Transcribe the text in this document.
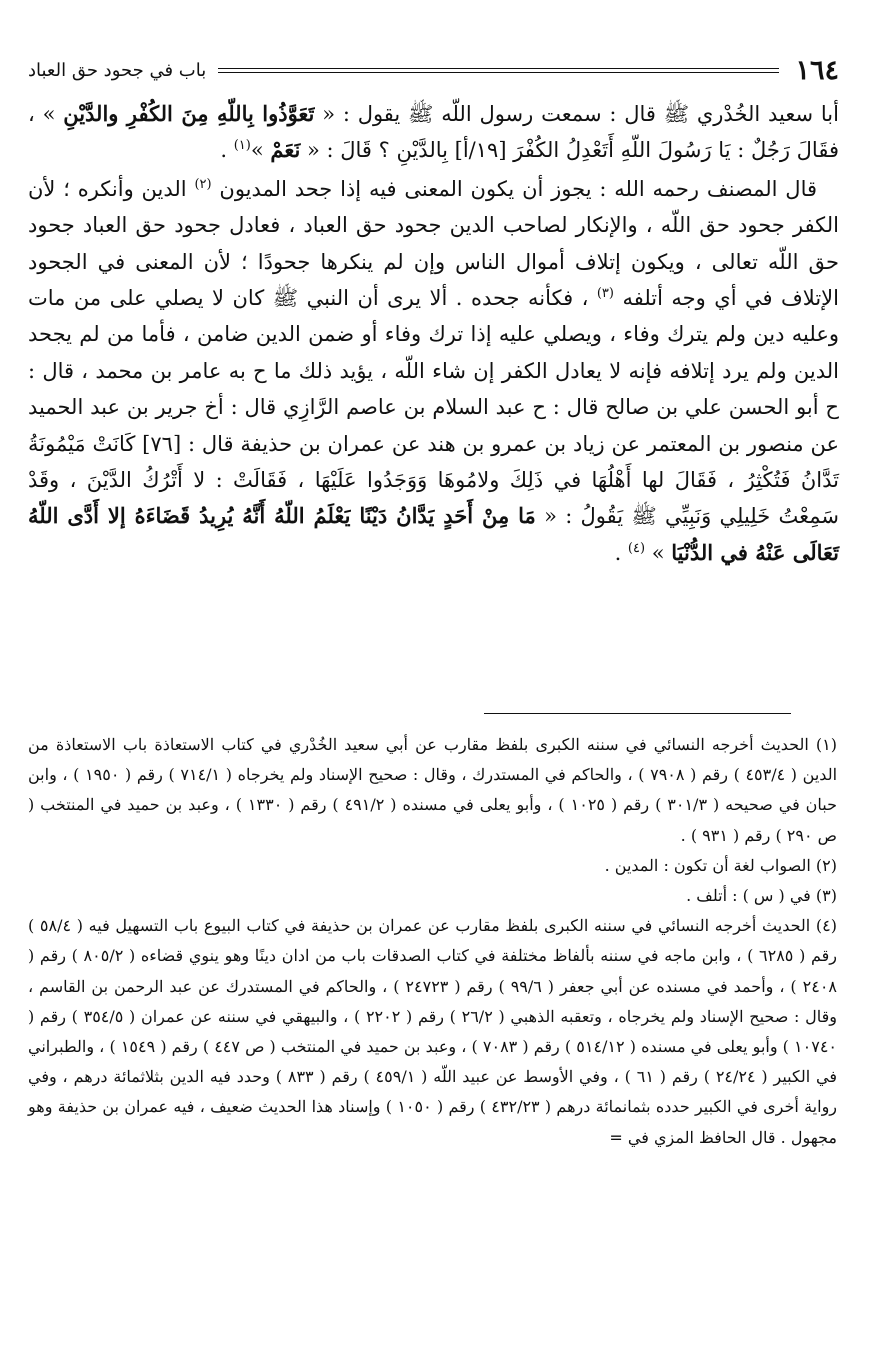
١٦٤
باب في جحود حق العباد

أبا سعيد الخُدْري ﷺ قال : سمعت رسول اللّه ﷺ يقول : « تَعَوَّذُوا بِاللّهِ مِنَ الكُفْرِ والدَّيْنِ » ، فقَالَ رَجُلٌ : يَا رَسُولَ اللّهِ أَتَعْدِلُ الكُفْرَ [١٩/أ] بِالدَّيْنِ ؟ قَالَ : « نَعَمْ »$^{(١)}$ .

قال المصنف رحمه الله : يجوز أن يكون المعنى فيه إذا جحد المديون $^{(٢)}$ الدين وأنكره ؛ لأن الكفر جحود حق اللّه ، والإنكار لصاحب الدين جحود حق العباد ، فعادل جحود حق العباد جحود حق اللّه تعالى ، ويكون إتلاف أموال الناس وإن لم ينكرها جحودًا ؛ لأن المعنى في الجحود الإتلاف في أي وجه أتلفه $^{(٣)}$ ، فكأنه جحده . ألا يرى أن النبي ﷺ كان لا يصلي على من مات وعليه دين ولم يترك وفاء ، ويصلي عليه إذا ترك وفاء أو ضمن الدين ضامن ، فأما من لم يجحد الدين ولم يرد إتلافه فإنه لا يعادل الكفر إن شاء اللّه ، يؤيد ذلك ما ح به عامر بن محمد ، قال : ح أبو الحسن علي بن صالح قال : ح عبد السلام بن عاصم الرَّازِي قال : أخ جرير بن عبد الحميد عن منصور بن المعتمر عن زياد بن عمرو بن هند عن عمران بن حذيفة قال : [٧٦] كَانَتْ مَيْمُونَةُ تَدَّانُ فَتُكْثِرُ ، فَقَالَ لها أَهْلُهَا في ذَلِكَ ولامُوهَا وَوَجَدُوا عَلَيْهَا ، فَقَالَتْ : لا أَتْرُكُ الدَّيْنَ ، وقَدْ سَمِعْتُ خَلِيلِي وَنَبِيِّي ﷺ يَقُولُ : « مَا مِنْ أَحَدٍ يَدَّانُ دَيْنًا يَعْلَمُ اللّهُ أَنَّهُ يُرِيدُ قَضَاءَهُ إلا أَدَّى اللّهُ تَعَالَى عَنْهُ في الدُّنْيَا » $^{(٤)}$ .

(١) الحديث أخرجه النسائي في سننه الكبرى بلفظ مقارب عن أبي سعيد الخُدْري في كتاب الاستعاذة باب الاستعاذة من الدين ( ٤٥٣/٤ ) رقم ( ٧٩٠٨ ) ، والحاكم في المستدرك ، وقال : صحيح الإسناد ولم يخرجاه ( ٧١٤/١ ) رقم ( ١٩٥٠ ) ، وابن حبان في صحيحه ( ٣٠١/٣ ) رقم ( ١٠٢٥ ) ، وأبو يعلى في مسنده ( ٤٩١/٢ ) رقم ( ١٣٣٠ ) ، وعبد بن حميد في المنتخب ( ص ٢٩٠ ) رقم ( ٩٣١ ) .

(٢) الصواب لغة أن تكون : المدين .

(٣) في ( س ) : أتلف .

(٤) الحديث أخرجه النسائي في سننه الكبرى بلفظ مقارب عن عمران بن حذيفة في كتاب البيوع باب التسهيل فيه ( ٥٨/٤ ) رقم ( ٦٢٨٥ ) ، وابن ماجه في سننه بألفاظ مختلفة في كتاب الصدقات باب من ادان دينًا وهو ينوي قضاءه ( ٨٠٥/٢ ) رقم ( ٢٤٠٨ ) ، وأحمد في مسنده عن أبي جعفر ( ٩٩/٦ ) رقم ( ٢٤٧٢٣ ) ، والحاكم في المستدرك عن عبد الرحمن بن القاسم ، وقال : صحيح الإسناد ولم يخرجاه ، وتعقبه الذهبي ( ٢٦/٢ ) رقم ( ٢٢٠٢ ) ، والبيهقي في سننه عن عمران ( ٣٥٤/٥ ) رقم ( ١٠٧٤٠ ) وأبو يعلى في مسنده ( ٥١٤/١٢ ) رقم ( ٧٠٨٣ ) ، وعبد بن حميد في المنتخب ( ص ٤٤٧ ) رقم ( ١٥٤٩ ) ، والطبراني في الكبير ( ٢٤/٢٤ ) رقم ( ٦١ ) ، وفي الأوسط عن عبيد اللّه ( ٤٥٩/١ ) رقم ( ٨٣٣ ) وحدد فيه الدين بثلاثمائة درهم ، وفي رواية أخرى في الكبير حدده بثمانمائة درهم ( ٤٣٢/٢٣ ) رقم ( ١٠٥٠ ) وإسناد هذا الحديث ضعيف ، فيه عمران بن حذيفة وهو مجهول . قال الحافظ المزي في =
